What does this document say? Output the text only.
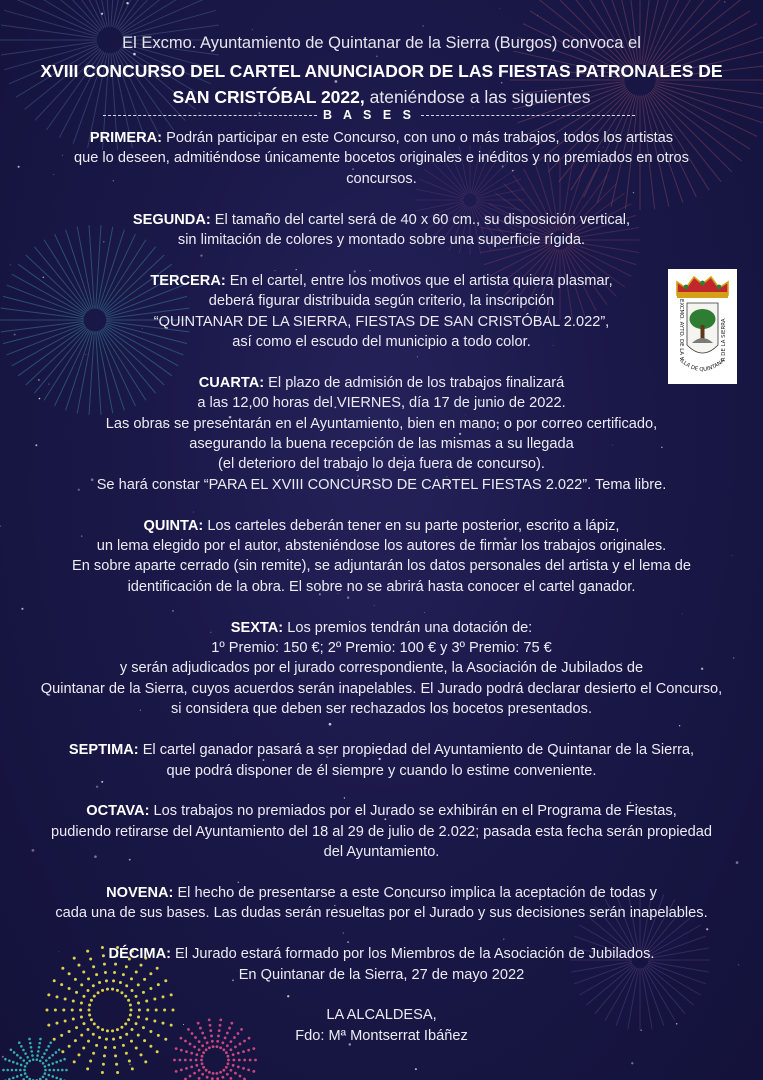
El Excmo. Ayuntamiento de Quintanar de la Sierra (Burgos) convoca el
XVIII CONCURSO DEL CARTEL ANUNCIADOR DE LAS FIESTAS PATRONALES DE
SAN CRISTÓBAL 2022, ateniéndose a las siguientes
B A S E S
PRIMERA: Podrán participar en este Concurso, con uno o más trabajos, todos los artistas
que lo deseen, admitiéndose únicamente bocetos originales e inéditos y no premiados en otros
concursos.
SEGUNDA: El tamaño del cartel será de 40 x 60 cm., su disposición vertical,
sin limitación de colores y montado sobre una superficie rígida.
TERCERA: En el cartel, entre los motivos que el artista quiera plasmar,
deberá figurar distribuida según criterio, la inscripción
“QUINTANAR DE LA SIERRA, FIESTAS DE SAN CRISTÓBAL 2.022”,
así como el escudo del municipio a todo color.
CUARTA: El plazo de admisión de los trabajos finalizará
a las 12,00 horas del VIERNES, día 17 de junio de 2022.
Las obras se presentarán en el Ayuntamiento, bien en mano, o por correo certificado,
asegurando la buena recepción de las mismas a su llegada
(el deterioro del trabajo lo deja fuera de concurso).
Se hará constar “PARA EL XVIII CONCURSO DE CARTEL FIESTAS 2.022”. Tema libre.
QUINTA: Los carteles deberán tener en su parte posterior, escrito a lápiz,
un lema elegido por el autor, absteniéndose los autores de firmar los trabajos originales.
En sobre aparte cerrado (sin remite), se adjuntarán los datos personales del artista y el lema de
identificación de la obra. El sobre no se abrirá hasta conocer el cartel ganador.
SEXTA: Los premios tendrán una dotación de:
1º Premio: 150 €; 2º Premio: 100 € y 3º Premio: 75 €
y serán adjudicados por el jurado correspondiente, la Asociación de Jubilados de
Quintanar de la Sierra, cuyos acuerdos serán inapelables. El Jurado podrá declarar desierto el Concurso,
si considera que deben ser rechazados los bocetos presentados.
SEPTIMA: El cartel ganador pasará a ser propiedad del Ayuntamiento de Quintanar de la Sierra,
que podrá disponer de él siempre y cuando lo estime conveniente.
OCTAVA: Los trabajos no premiados por el Jurado se exhibirán en el Programa de Fiestas,
pudiendo retirarse del Ayuntamiento del 18 al 29 de julio de 2.022; pasada esta fecha serán propiedad
del Ayuntamiento.
NOVENA: El hecho de presentarse a este Concurso implica la aceptación de todas y
cada una de sus bases. Las dudas serán resueltas por el Jurado y sus decisiones serán inapelables.
DÉCIMA: El Jurado estará formado por los Miembros de la Asociación de Jubilados.
En Quintanar de la Sierra, 27 de mayo 2022
LA ALCALDESA,
Fdo: Mª Montserrat Ibáñez
EXCMO. AYTO. DE LA VILLA DE QUINTANAR DE LA SIERRA
